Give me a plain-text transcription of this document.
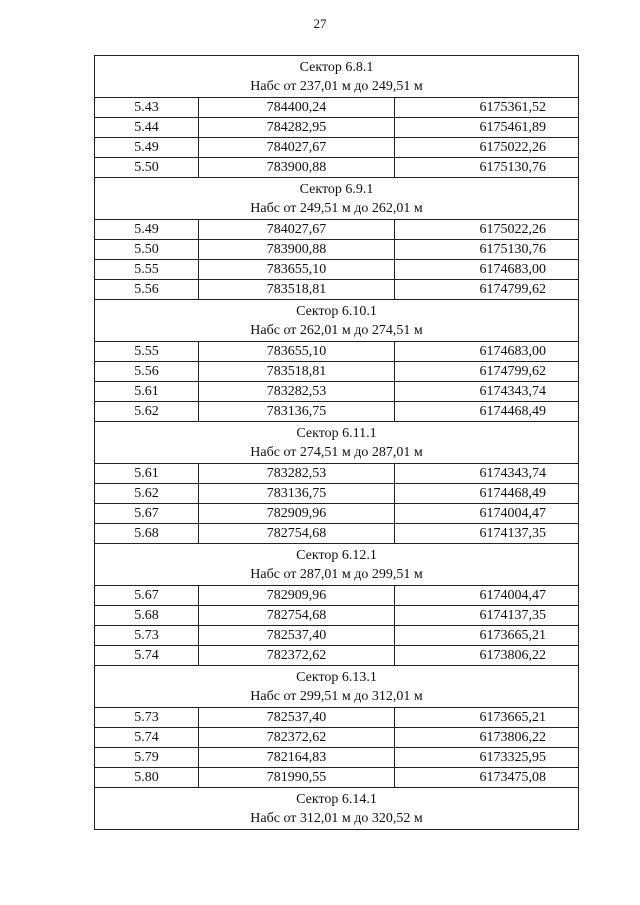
27
Сектор 6.8.1
Набс от 237,01 м до 249,51 м		

5.43	784400,24	6175361,52
5.44	784282,95	6175461,89
5.49	784027,67	6175022,26
5.50	783900,88	6175130,76

Сектор 6.9.1
Набс от 249,51 м до 262,01 м		

5.49	784027,67	6175022,26
5.50	783900,88	6175130,76
5.55	783655,10	6174683,00
5.56	783518,81	6174799,62

Сектор 6.10.1
Набс от 262,01 м до 274,51 м		

5.55	783655,10	6174683,00
5.56	783518,81	6174799,62
5.61	783282,53	6174343,74
5.62	783136,75	6174468,49

Сектор 6.11.1
Набс от 274,51 м до 287,01 м		

5.61	783282,53	6174343,74
5.62	783136,75	6174468,49
5.67	782909,96	6174004,47
5.68	782754,68	6174137,35

Сектор 6.12.1
Набс от 287,01 м до 299,51 м		

5.67	782909,96	6174004,47
5.68	782754,68	6174137,35
5.73	782537,40	6173665,21
5.74	782372,62	6173806,22

Сектор 6.13.1
Набс от 299,51 м до 312,01 м		

5.73	782537,40	6173665,21
5.74	782372,62	6173806,22
5.79	782164,83	6173325,95
5.80	781990,55	6173475,08

Сектор 6.14.1
Набс от 312,01 м до 320,52 м		
